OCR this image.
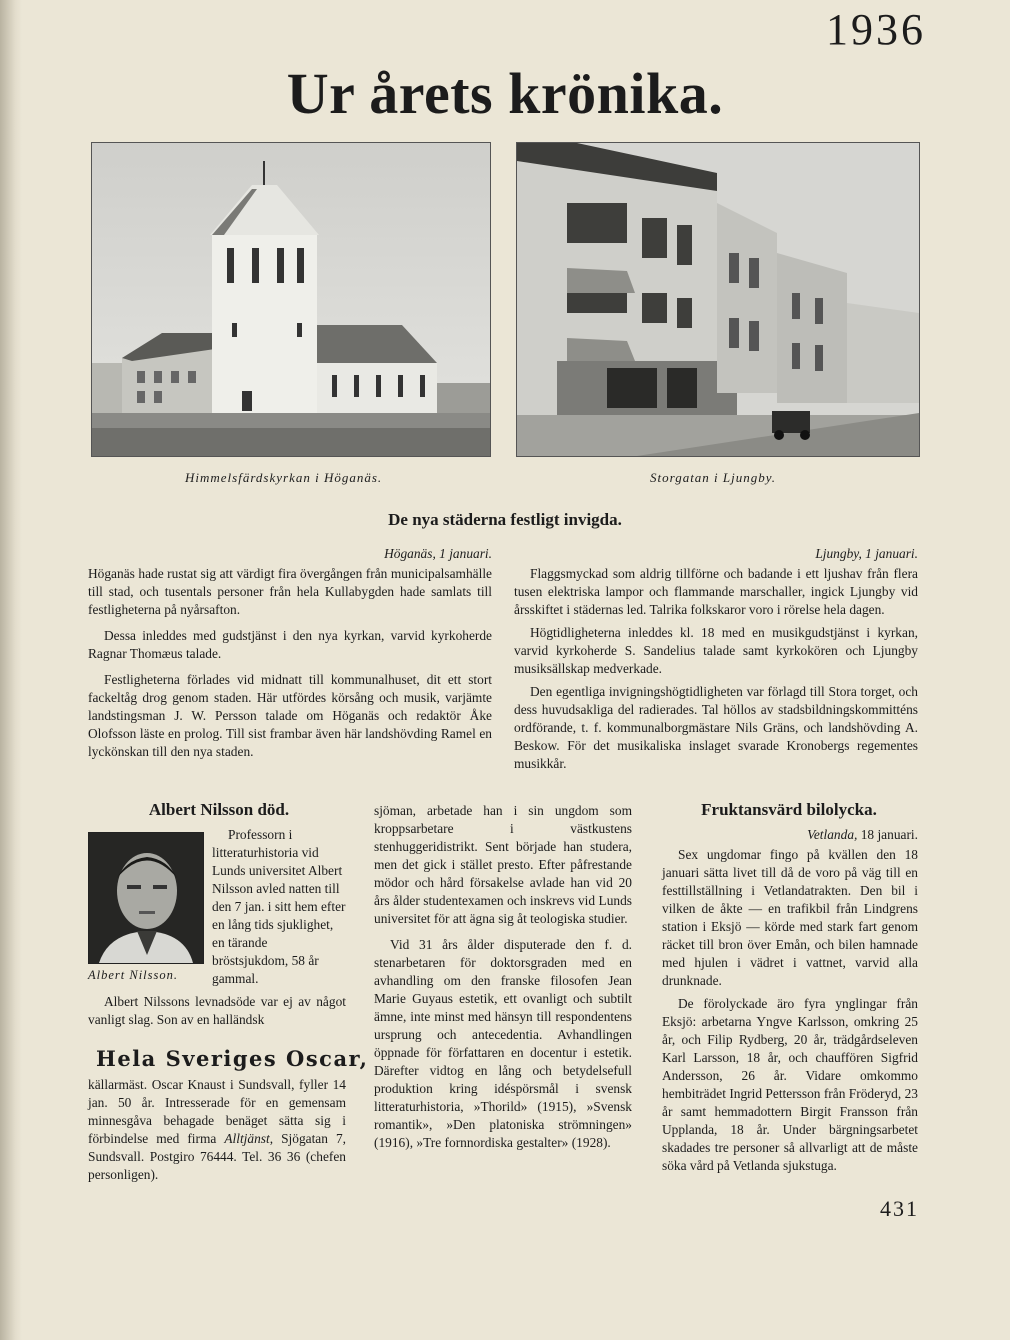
1936
Ur årets krönika.
Himmelsfärdskyrkan i Höganäs.	Storgatan i Ljungby.
De nya städerna festligt invigda.
Höganäs, 1 januari.

Höganäs hade rustat sig att värdigt fira övergången från municipalsamhälle till stad, och tusentals personer från hela Kullabygden hade samlats till festligheterna på nyårsafton.

Dessa inleddes med gudstjänst i den nya kyrkan, varvid kyrkoherde Ragnar Thomæus talade.

Festligheterna förlades vid midnatt till kommunalhuset, dit ett stort fackeltåg drog genom staden. Här utfördes körsång och musik, varjämte landstingsman J. W. Persson talade om Höganäs och redaktör Åke Olofsson läste en prolog. Till sist frambar även här landshövding Ramel en lyckönskan till den nya staden.

Ljungby, 1 januari.

Flaggsmyckad som aldrig tillförne och badande i ett ljushav från flera tusen elektriska lampor och flammande marschaller, ingick Ljungby vid årsskiftet i städernas led. Talrika folkskaror voro i rörelse hela dagen.

Högtidligheterna inleddes kl. 18 med en musikgudstjänst i kyrkan, varvid kyrkoherde S. Sandelius talade samt kyrkokören och Ljungby musiksällskap medverkade.

Den egentliga invigningshögtidligheten var förlagd till Stora torget, och dess huvudsakliga del radierades. Tal höllos av stadsbildningskommitténs ordförande, t. f. kommunalborgmästare Nils Gräns, och landshövding A. Beskow. För det musikaliska inslaget svarade Kronobergs regementes musikkår.

Albert Nilsson död.
Albert Nilsson.

Professorn i litteraturhistoria vid Lunds universitet Albert Nilsson avled natten till den 7 jan. i sitt hem efter en lång tids sjuklighet, en tärande bröstsjukdom, 58 år gammal.

Albert Nilssons levnadsöde var ej av något vanligt slag. Son av en halländsk

Hela Sveriges Oscar,

källarmäst. Oscar Knaust i Sundsvall, fyller 14 jan. 50 år. Intresserade för en gemensam minnesgåva behagade benäget sätta sig i förbindelse med firma Alltjänst, Sjögatan 7, Sundsvall. Postgiro 76444. Tel. 36 36 (chefen personligen).

sjöman, arbetade han i sin ungdom som kroppsarbetare i västkustens stenhuggeridistrikt. Sent började han studera, men det gick i stället presto. Efter påfrestande mödor och hård försakelse avlade han vid 20 års ålder studentexamen och inskrevs vid Lunds universitet för att ägna sig åt teologiska studier.

Vid 31 års ålder disputerade den f. d. stenarbetaren för doktorsgraden med en avhandling om den franske filosofen Jean Marie Guyaus estetik, ett ovanligt och subtilt ämne, inte minst med hänsyn till respondentens ursprung och antecedentia. Avhandlingen öppnade för författaren en docentur i estetik. Därefter vidtog en lång och betydelsefull produktion kring idéspörsmål i svensk litteraturhistoria, »Thorild» (1915), »Svensk romantik», »Den platoniska strömningen» (1916), »Tre fornnordiska gestalter» (1928).

Fruktansvärd bilolycka.
Vetlanda, 18 januari.

Sex ungdomar fingo på kvällen den 18 januari sätta livet till då de voro på väg till en festtillställning i Vetlandatrakten. Den bil i vilken de åkte — en trafikbil från Lindgrens station i Eksjö — körde med stark fart genom räcket till bron över Emån, och bilen hamnade med hjulen i vädret i vattnet, varvid alla drunknade.

De förolyckade äro fyra ynglingar från Eksjö: arbetarna Yngve Karlsson, omkring 25 år, och Filip Rydberg, 20 år, trädgårdseleven Karl Larsson, 18 år, och chauffören Sigfrid Andersson, 26 år. Vidare omkommo hembiträdet Ingrid Pettersson från Fröderyd, 23 år samt hemmadottern Birgit Fransson från Upplanda, 18 år. Under bärgningsarbetet skadades tre personer så allvarligt att de måste söka vård på Vetlanda sjukstuga.

431
